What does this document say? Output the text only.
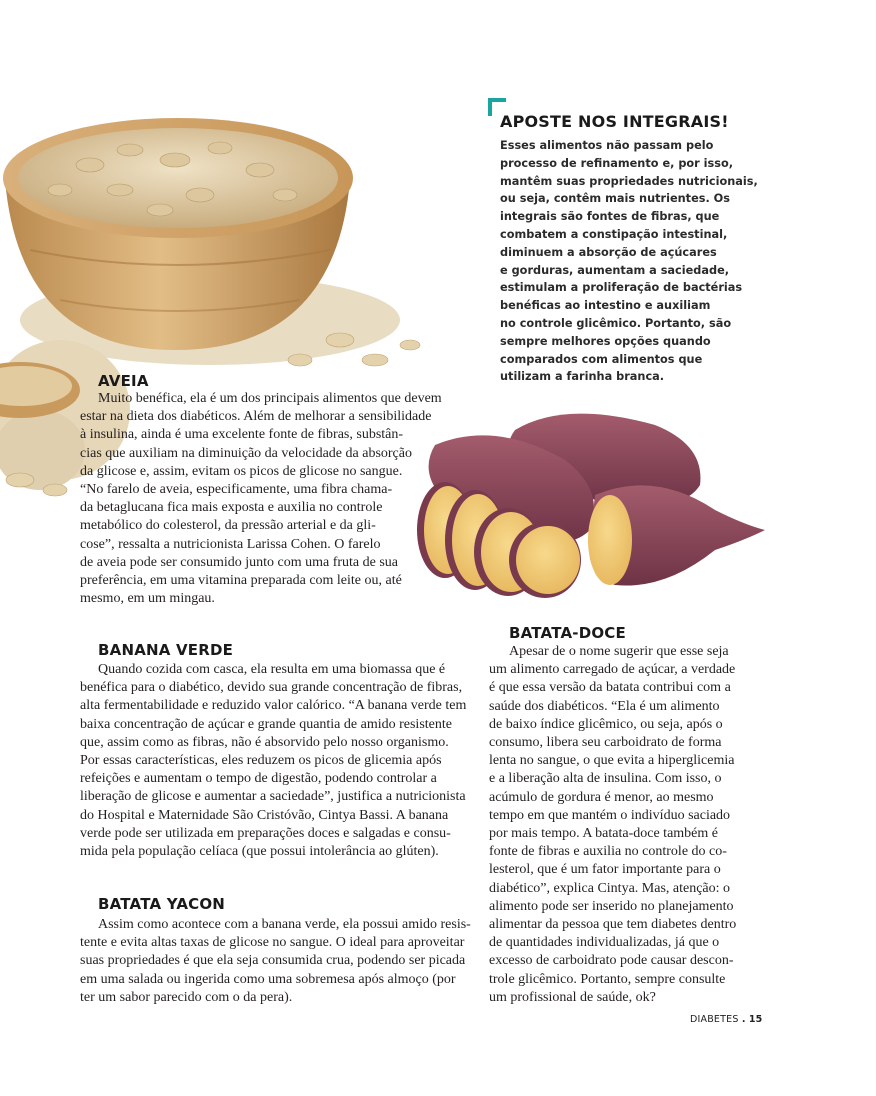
APOSTE NOS INTEGRAIS!
Esses alimentos não passam pelo
processo de refinamento e, por isso,
mantêm suas propriedades nutricionais,
ou seja, contêm mais nutrientes. Os
integrais são fontes de fibras, que
combatem a constipação intestinal,
diminuem a absorção de açúcares
e gorduras, aumentam a saciedade,
estimulam a proliferação de bactérias
benéficas ao intestino e auxiliam
no controle glicêmico. Portanto, são
sempre melhores opções quando
comparados com alimentos que
utilizam a farinha branca.
AVEIA
Muito benéfica, ela é um dos principais alimentos que devem
estar na dieta dos diabéticos. Além de melhorar a sensibilidade
à insulina, ainda é uma excelente fonte de fibras, substân-
cias que auxiliam na diminuição da velocidade da absorção
da glicose e, assim, evitam os picos de glicose no sangue.
“No farelo de aveia, especificamente, uma fibra chama-
da betaglucana fica mais exposta e auxilia no controle
metabólico do colesterol, da pressão arterial e da gli-
cose”, ressalta a nutricionista Larissa Cohen. O farelo
de aveia pode ser consumido junto com uma fruta de sua
preferência, em uma vitamina preparada com leite ou, até
mesmo, em um mingau.
BANANA VERDE
Quando cozida com casca, ela resulta em uma biomassa que é
benéfica para o diabético, devido sua grande concentração de fibras,
alta fermentabilidade e reduzido valor calórico. “A banana verde tem
baixa concentração de açúcar e grande quantia de amido resistente
que, assim como as fibras, não é absorvido pelo nosso organismo.
Por essas características, eles reduzem os picos de glicemia após
refeições e aumentam o tempo de digestão, podendo controlar a
liberação de glicose e aumentar a saciedade”, justifica a nutricionista
do Hospital e Maternidade São Cristóvão, Cintya Bassi. A banana
verde pode ser utilizada em preparações doces e salgadas e consu-
mida pela população celíaca (que possui intolerância ao glúten).
BATATA YACON
Assim como acontece com a banana verde, ela possui amido resis-
tente e evita altas taxas de glicose no sangue. O ideal para aproveitar
suas propriedades é que ela seja consumida crua, podendo ser picada
em uma salada ou ingerida como uma sobremesa após almoço (por
ter um sabor parecido com o da pera).
BATATA-DOCE
Apesar de o nome sugerir que esse seja
um alimento carregado de açúcar, a verdade
é que essa versão da batata contribui com a
saúde dos diabéticos. “Ela é um alimento
de baixo índice glicêmico, ou seja, após o
consumo, libera seu carboidrato de forma
lenta no sangue, o que evita a hiperglicemia
e a liberação alta de insulina. Com isso, o
acúmulo de gordura é menor, ao mesmo
tempo em que mantém o indivíduo saciado
por mais tempo. A batata-doce também é
fonte de fibras e auxilia no controle do co-
lesterol, que é um fator importante para o
diabético”, explica Cintya. Mas, atenção: o
alimento pode ser inserido no planejamento
alimentar da pessoa que tem diabetes dentro
de quantidades individualizadas, já que o
excesso de carboidrato pode causar descon-
trole glicêmico. Portanto, sempre consulte
um profissional de saúde, ok?
DIABETES . 15
